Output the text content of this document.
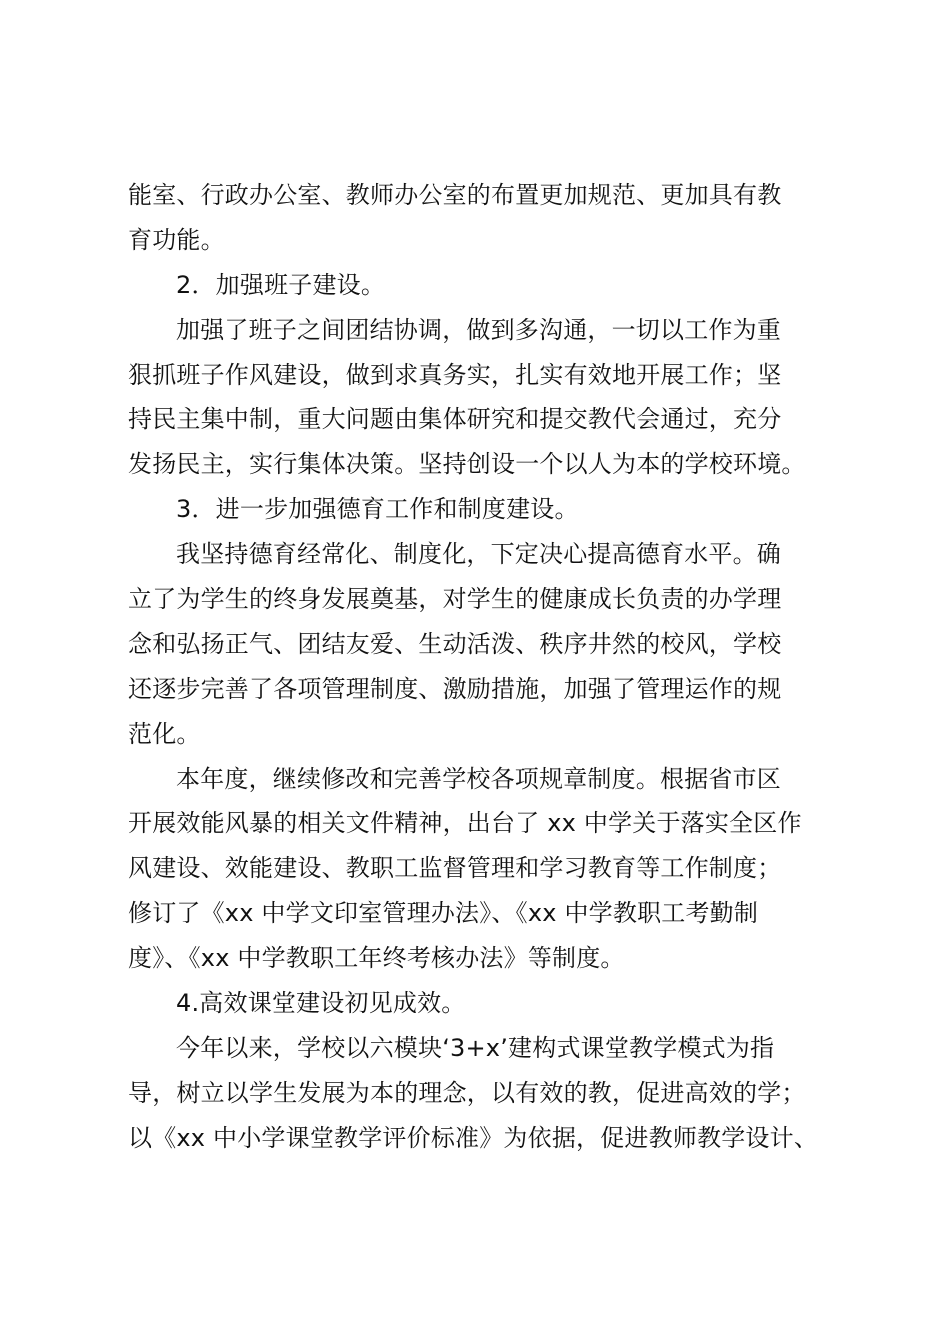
能室、行政办公室、教师办公室的布置更加规范、更加具有教
育功能。
2．加强班子建设。
加强了班子之间团结协调，做到多沟通，一切以工作为重
狠抓班子作风建设，做到求真务实，扎实有效地开展工作；坚
持民主集中制，重大问题由集体研究和提交教代会通过，充分
发扬民主，实行集体决策。坚持创设一个以人为本的学校环境。
3．进一步加强德育工作和制度建设。
我坚持德育经常化、制度化，下定决心提高德育水平。确
立了为学生的终身发展奠基，对学生的健康成长负责的办学理
念和弘扬正气、团结友爱、生动活泼、秩序井然的校风，学校
还逐步完善了各项管理制度、激励措施，加强了管理运作的规
范化。
本年度，继续修改和完善学校各项规章制度。根据省市区
开展效能风暴的相关文件精神，出台了 xx 中学关于落实全区作
风建设、效能建设、教职工监督管理和学习教育等工作制度；
修订了《xx 中学文印室管理办法》、《xx 中学教职工考勤制
度》、《xx 中学教职工年终考核办法》等制度。
4.高效课堂建设初见成效。
今年以来，学校以六模块‘3+x’建构式课堂教学模式为指
导，树立以学生发展为本的理念，以有效的教，促进高效的学；
以《xx 中小学课堂教学评价标准》为依据，促进教师教学设计、
